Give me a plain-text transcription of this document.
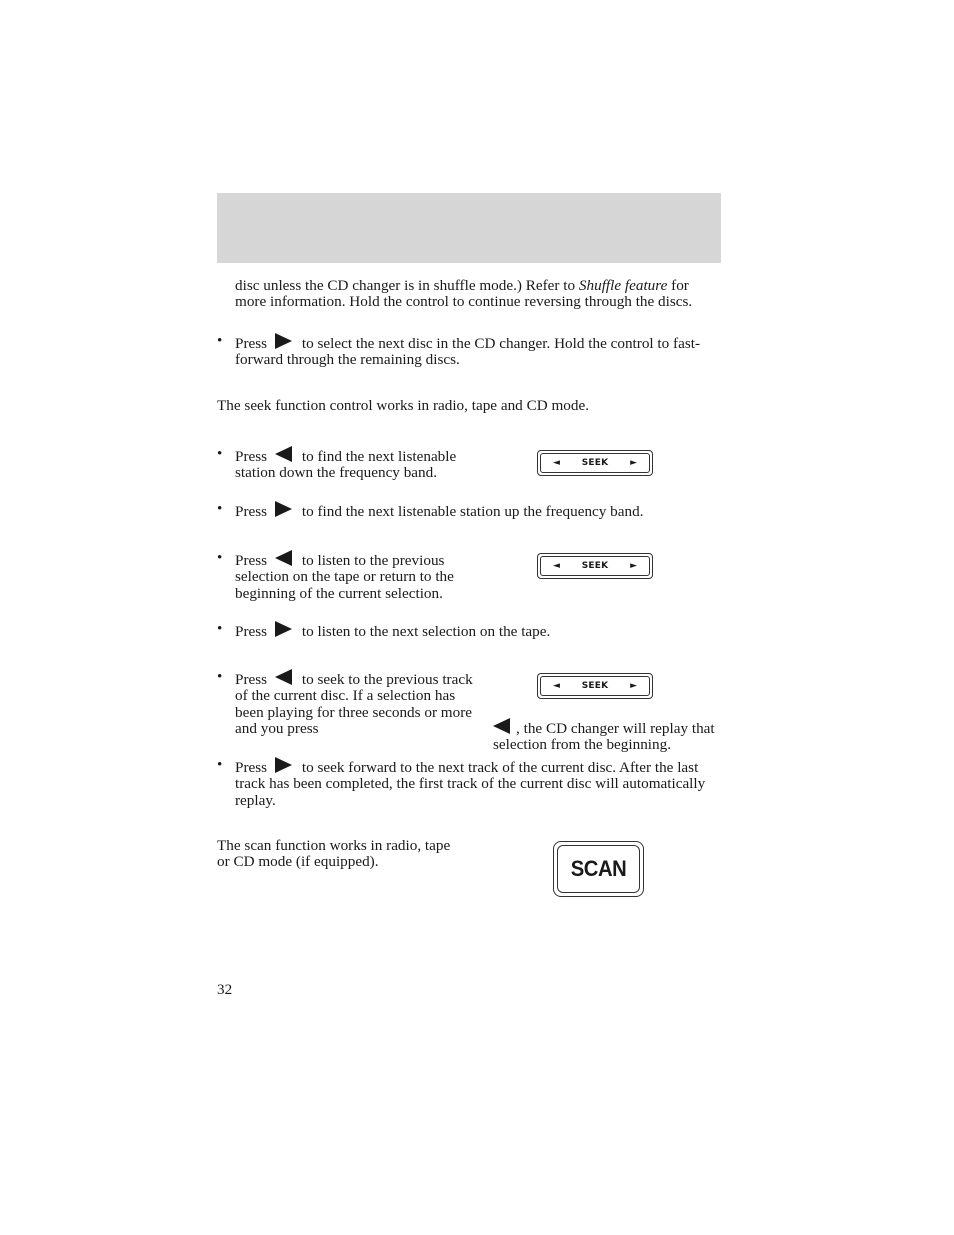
disc unless the CD changer is in shuffle mode.) Refer to Shuffle feature for more information. Hold the control to continue reversing through the discs.
• Press to select the next disc in the CD changer. Hold the control to fast-forward through the remaining discs.
The seek function control works in radio, tape and CD mode.
• Press to find the next listenable station down the frequency band.
◄	SEEK	►
• Press to find the next listenable station up the frequency band.
• Press to listen to the previous selection on the tape or return to the beginning of the current selection.
◄	SEEK	►
• Press to listen to the next selection on the tape.
• Press to seek to the previous track of the current disc. If a selection has been playing for three seconds or more and you press
◄	SEEK	►
, the CD changer will replay that selection from the beginning.
• Press to seek forward to the next track of the current disc. After the last track has been completed, the first track of the current disc will automatically replay.
The scan function works in radio, tape or CD mode (if equipped).	SCAN
32
